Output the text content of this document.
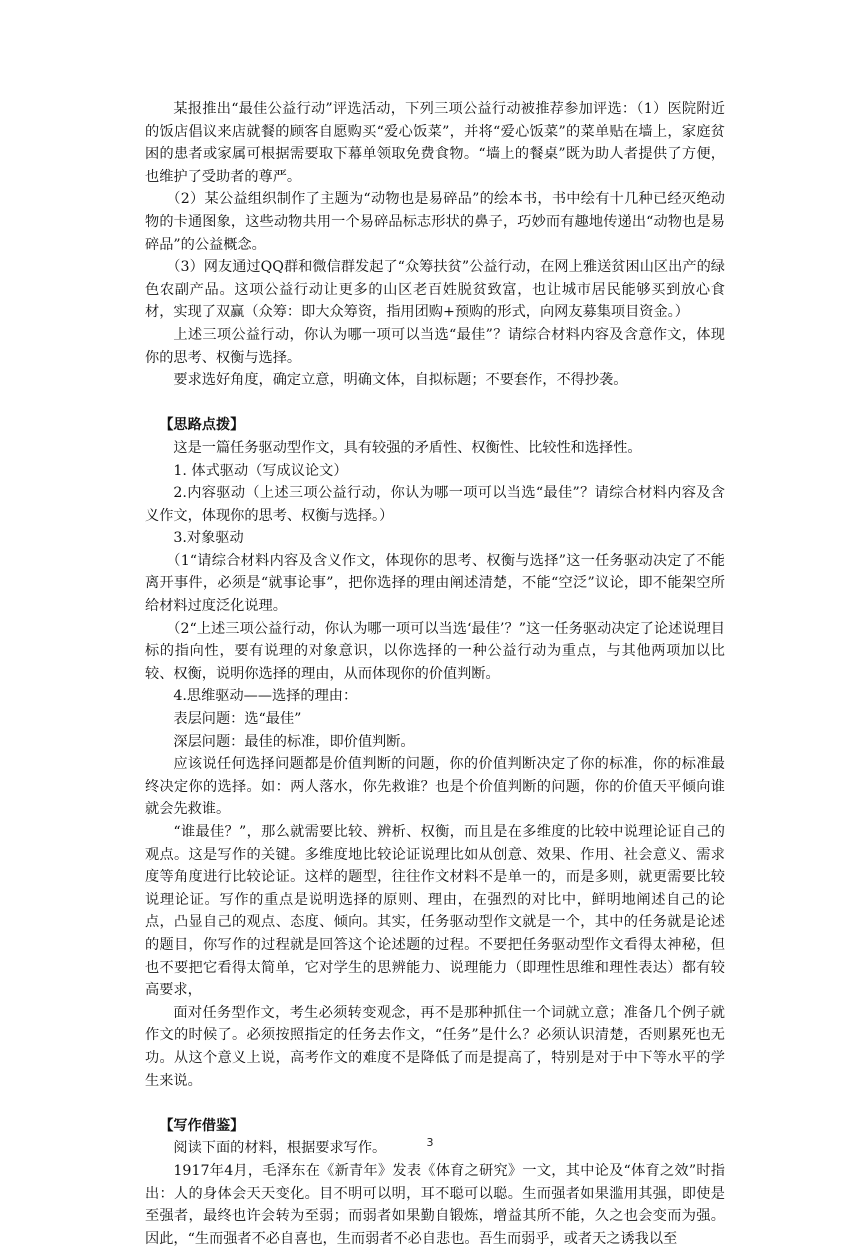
某报推出“最佳公益行动”评选活动，下列三项公益行动被推荐参加评选：（1）医院附近的饭店倡议来店就餐的顾客自愿购买“爱心饭菜”，并将“爱心饭菜”的菜单贴在墙上，家庭贫困的患者或家属可根据需要取下幕单领取免费食物。“墙上的餐桌”既为助人者提供了方便，也维护了受助者的尊严。

（2）某公益组织制作了主题为“动物也是易碎品”的绘本书，书中绘有十几种已经灭绝动物的卡通图象，这些动物共用一个易碎品标志形状的鼻子，巧妙而有趣地传递出“动物也是易碎品”的公益概念。

（3）网友通过QQ群和微信群发起了“众筹扶贫”公益行动，在网上雅送贫困山区出产的绿色农副产品。这项公益行动让更多的山区老百姓脱贫致富，也让城市居民能够买到放心食材，实现了双赢（众筹：即大众筹资，指用团购+预购的形式，向网友募集项目资金。）

上述三项公益行动，你认为哪一项可以当选“最佳”？请综合材料内容及含意作文，体现你的思考、权衡与选择。

要求选好角度，确定立意，明确文体，自拟标题；不要套作，不得抄袭。

【思路点拨】

这是一篇任务驱动型作文，具有较强的矛盾性、权衡性、比较性和选择性。

1. 体式驱动（写成议论文）

2.内容驱动（上述三项公益行动，你认为哪一项可以当选“最佳”？请综合材料内容及含义作文，体现你的思考、权衡与选择。）

3.对象驱动

（1“请综合材料内容及含义作文，体现你的思考、权衡与选择”这一任务驱动决定了不能离开事件，必须是“就事论事”，把你选择的理由阐述清楚，不能“空泛”议论，即不能架空所给材料过度泛化说理。

（2“上述三项公益行动，你认为哪一项可以当选‘最佳’？”这一任务驱动决定了论述说理目标的指向性，要有说理的对象意识，以你选择的一种公益行动为重点，与其他两项加以比较、权衡，说明你选择的理由，从而体现你的价值判断。

4.思维驱动——选择的理由：

表层问题：选“最佳”

深层问题：最佳的标准，即价值判断。

应该说任何选择问题都是价值判断的问题，你的价值判断决定了你的标准，你的标准最终决定你的选择。如：两人落水，你先救谁？也是个价值判断的问题，你的价值天平倾向谁就会先救谁。

“谁最佳？”，那么就需要比较、辨析、权衡，而且是在多维度的比较中说理论证自己的观点。这是写作的关键。多维度地比较论证说理比如从创意、效果、作用、社会意义、需求度等角度进行比较论证。这样的题型，往往作文材料不是单一的，而是多则，就更需要比较说理论证。写作的重点是说明选择的原则、理由，在强烈的对比中，鲜明地阐述自己的论点，凸显自己的观点、态度、倾向。其实，任务驱动型作文就是一个，其中的任务就是论述的题目，你写作的过程就是回答这个论述题的过程。不要把任务驱动型作文看得太神秘，但也不要把它看得太简单，它对学生的思辨能力、说理能力（即理性思维和理性表达）都有较高要求，

面对任务型作文，考生必须转变观念，再不是那种抓住一个词就立意；准备几个例子就作文的时候了。必须按照指定的任务去作文，“任务”是什么？必须认识清楚，否则累死也无功。从这个意义上说，高考作文的难度不是降低了而是提高了，特别是对于中下等水平的学生来说。

【写作借鉴】

阅读下面的材料，根据要求写作。

1917年4月，毛泽东在《新青年》发表《体育之研究》一文，其中论及“体育之效”时指出：人的身体会天天变化。目不明可以明，耳不聪可以聪。生而强者如果滥用其强，即使是至强者，最终也许会转为至弱；而弱者如果勤自锻炼，增益其所不能，久之也会变而为强。因此，“生而强者不必自喜也，生而弱者不必自悲也。吾生而弱乎，或者天之诱我以至

3
